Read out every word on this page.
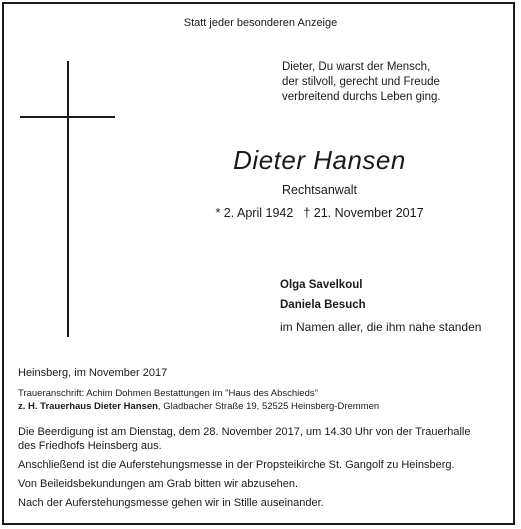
Statt jeder besonderen Anzeige
Dieter, Du warst der Mensch,
der stilvoll, gerecht und Freude
verbreitend durchs Leben ging.
Dieter Hansen
Rechtsanwalt
* 2. April 1942 † 21. November 2017
Olga Savelkoul
Daniela Besuch
im Namen aller, die ihm nahe standen
Heinsberg, im November 2017
Traueranschrift: Achim Dohmen Bestattungen im "Haus des Abschieds"
z. H. Trauerhaus Dieter Hansen, Gladbacher Straße 19, 52525 Heinsberg-Dremmen
Die Beerdigung ist am Dienstag, dem 28. November 2017, um 14.30 Uhr von der Trauerhalle
des Friedhofs Heinsberg aus.
Anschließend ist die Auferstehungsmesse in der Propsteikirche St. Gangolf zu Heinsberg.
Von Beileidsbekundungen am Grab bitten wir abzusehen.
Nach der Auferstehungsmesse gehen wir in Stille auseinander.
